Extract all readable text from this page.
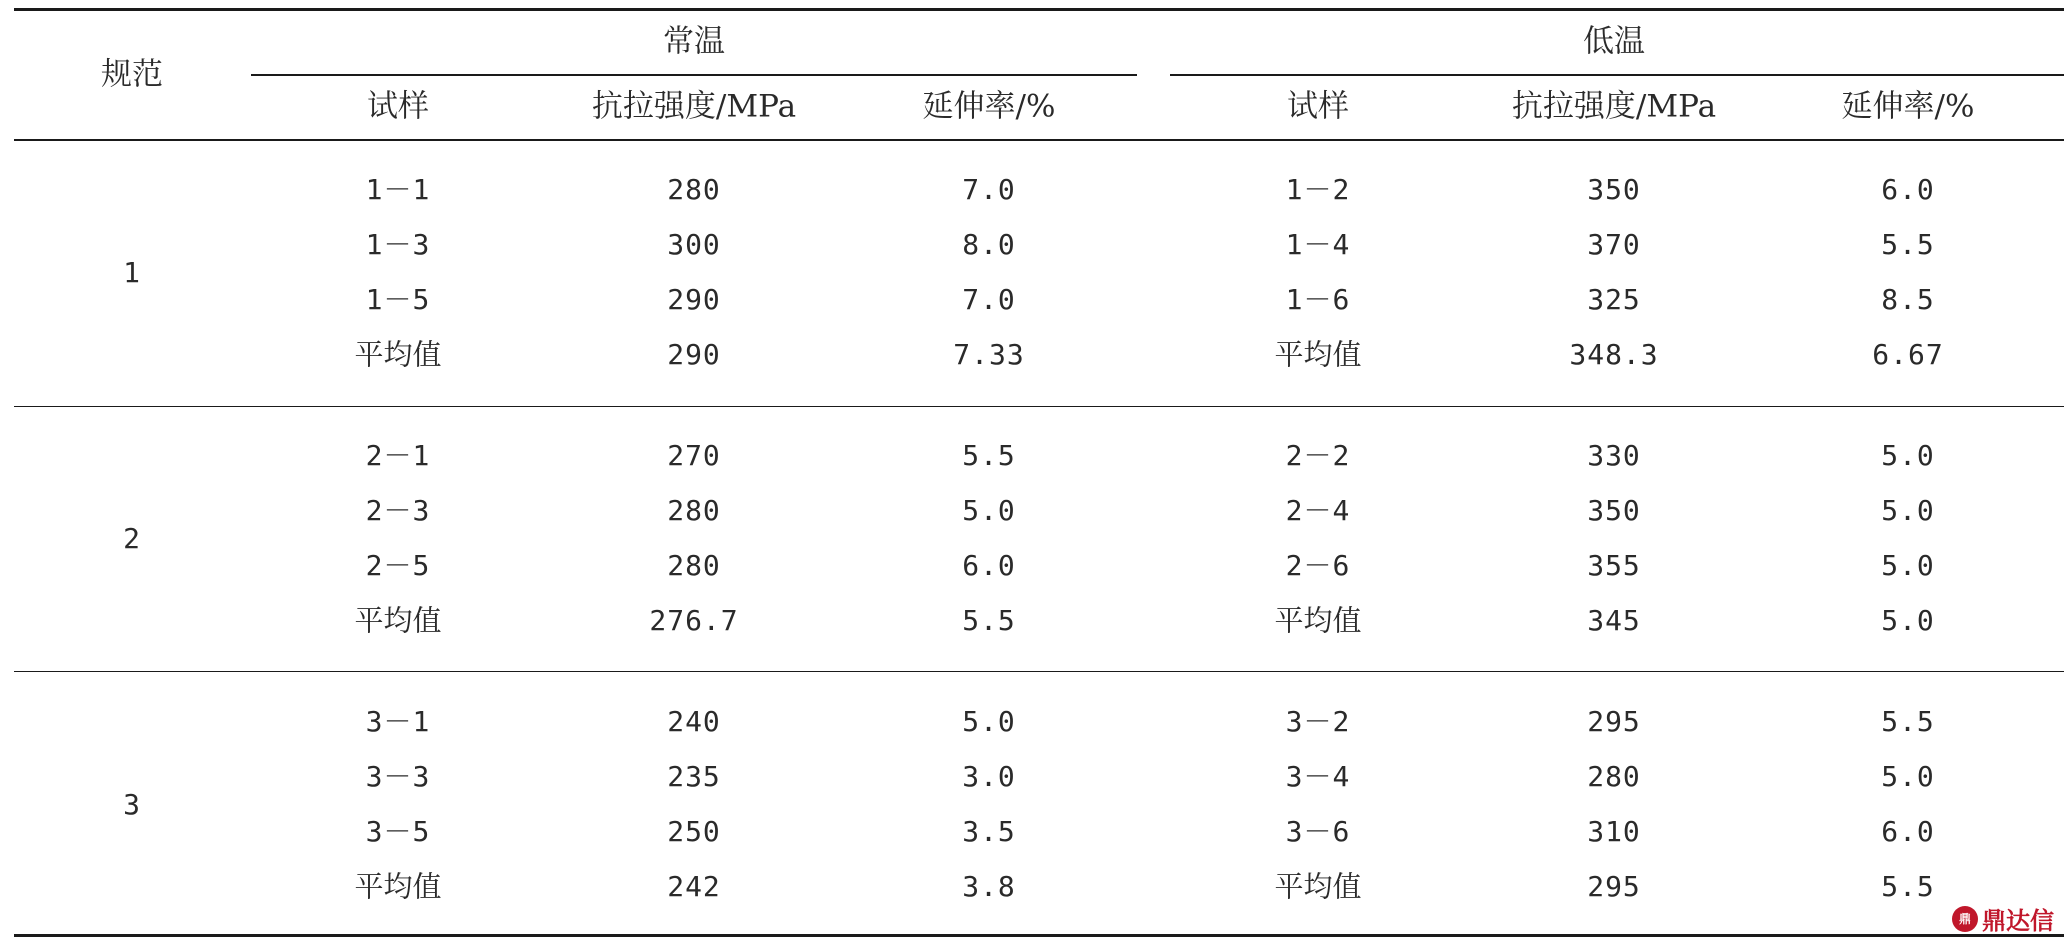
规范
常温	低温
试样	抗拉强度/MPa	延伸率/%	试样	抗拉强度/MPa	延伸率/%
1
1－1	280	7.0	1－2	350	6.0
1－3	300	8.0	1－4	370	5.5
1－5	290	7.0	1－6	325	8.5
平均值	290	7.33	平均值	348.3	6.67
2
2－1	270	5.5	2－2	330	5.0
2－3	280	5.0	2－4	350	5.0
2－5	280	6.0	2－6	355	5.0
平均值	276.7	5.5	平均值	345	5.0
3
3－1	240	5.0	3－2	295	5.5
3－3	235	3.0	3－4	280	5.0
3－5	250	3.5	3－6	310	6.0
平均值	242	3.8	平均值	295	5.5
鼎 鼎达信
